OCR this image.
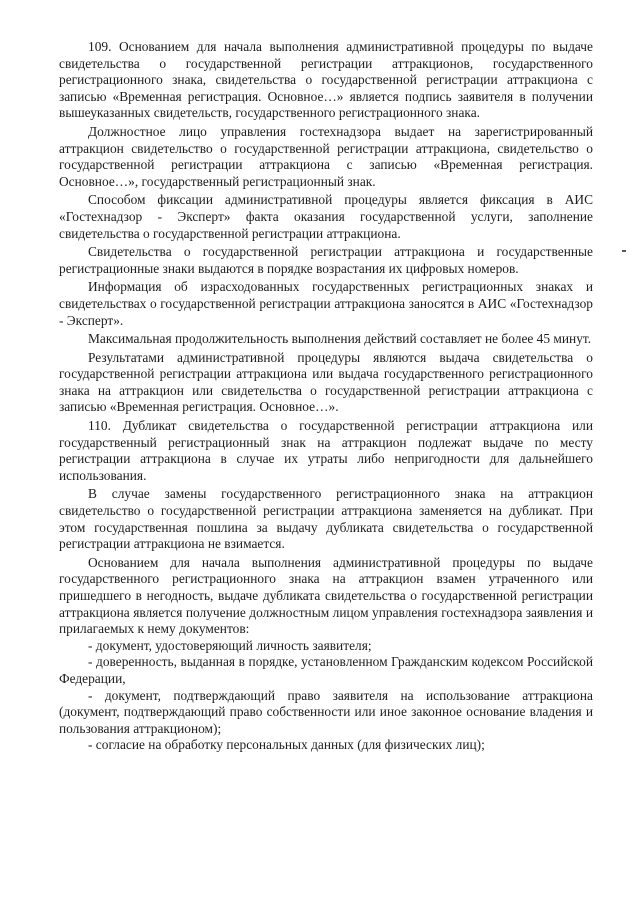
109. Основанием для начала выполнения административной процедуры по выдаче свидетельства о государственной регистрации аттракционов, государственного регистрационного знака, свидетельства о государственной регистрации аттракциона с записью «Временная регистрация. Основное…» является подпись заявителя в получении вышеуказанных свидетельств, государственного регистрационного знака.

Должностное лицо управления гостехнадзора выдает на зарегистрированный аттракцион свидетельство о государственной регистрации аттракциона, свидетельство о государственной регистрации аттракциона с записью «Временная регистрация. Основное…», государственный регистрационный знак.

Способом фиксации административной процедуры является фиксация в АИС «Гостехнадзор - Эксперт» факта оказания государственной услуги, заполнение свидетельства о государственной регистрации аттракциона.

Свидетельства о государственной регистрации аттракциона и государственные регистрационные знаки выдаются в порядке возрастания их цифровых номеров.

Информация об израсходованных государственных регистрационных знаках и свидетельствах о государственной регистрации аттракциона заносятся в АИС «Гостехнадзор - Эксперт».

Максимальная продолжительность выполнения действий составляет не более 45 минут.

Результатами административной процедуры являются выдача свидетельства о государственной регистрации аттракциона или выдача государственного регистрационного знака на аттракцион или свидетельства о государственной регистрации аттракциона с записью «Временная регистрация. Основное…».

110. Дубликат свидетельства о государственной регистрации аттракциона или государственный регистрационный знак на аттракцион подлежат выдаче по месту регистрации аттракциона в случае их утраты либо непригодности для дальнейшего использования.

В случае замены государственного регистрационного знака на аттракцион свидетельство о государственной регистрации аттракциона заменяется на дубликат. При этом государственная пошлина за выдачу дубликата свидетельства о государственной регистрации аттракциона не взимается.

Основанием для начала выполнения административной процедуры по выдаче государственного регистрационного знака на аттракцион взамен утраченного или пришедшего в негодность, выдаче дубликата свидетельства о государственной регистрации аттракциона является получение должностным лицом управления гостехнадзора заявления и прилагаемых к нему документов:

- документ, удостоверяющий личность заявителя;

- доверенность, выданная в порядке, установленном Гражданским кодексом Российской Федерации,

- документ, подтверждающий право заявителя на использование аттракциона (документ, подтверждающий право собственности или иное законное основание владения и пользования аттракционом);

- согласие на обработку персональных данных (для физических лиц);
